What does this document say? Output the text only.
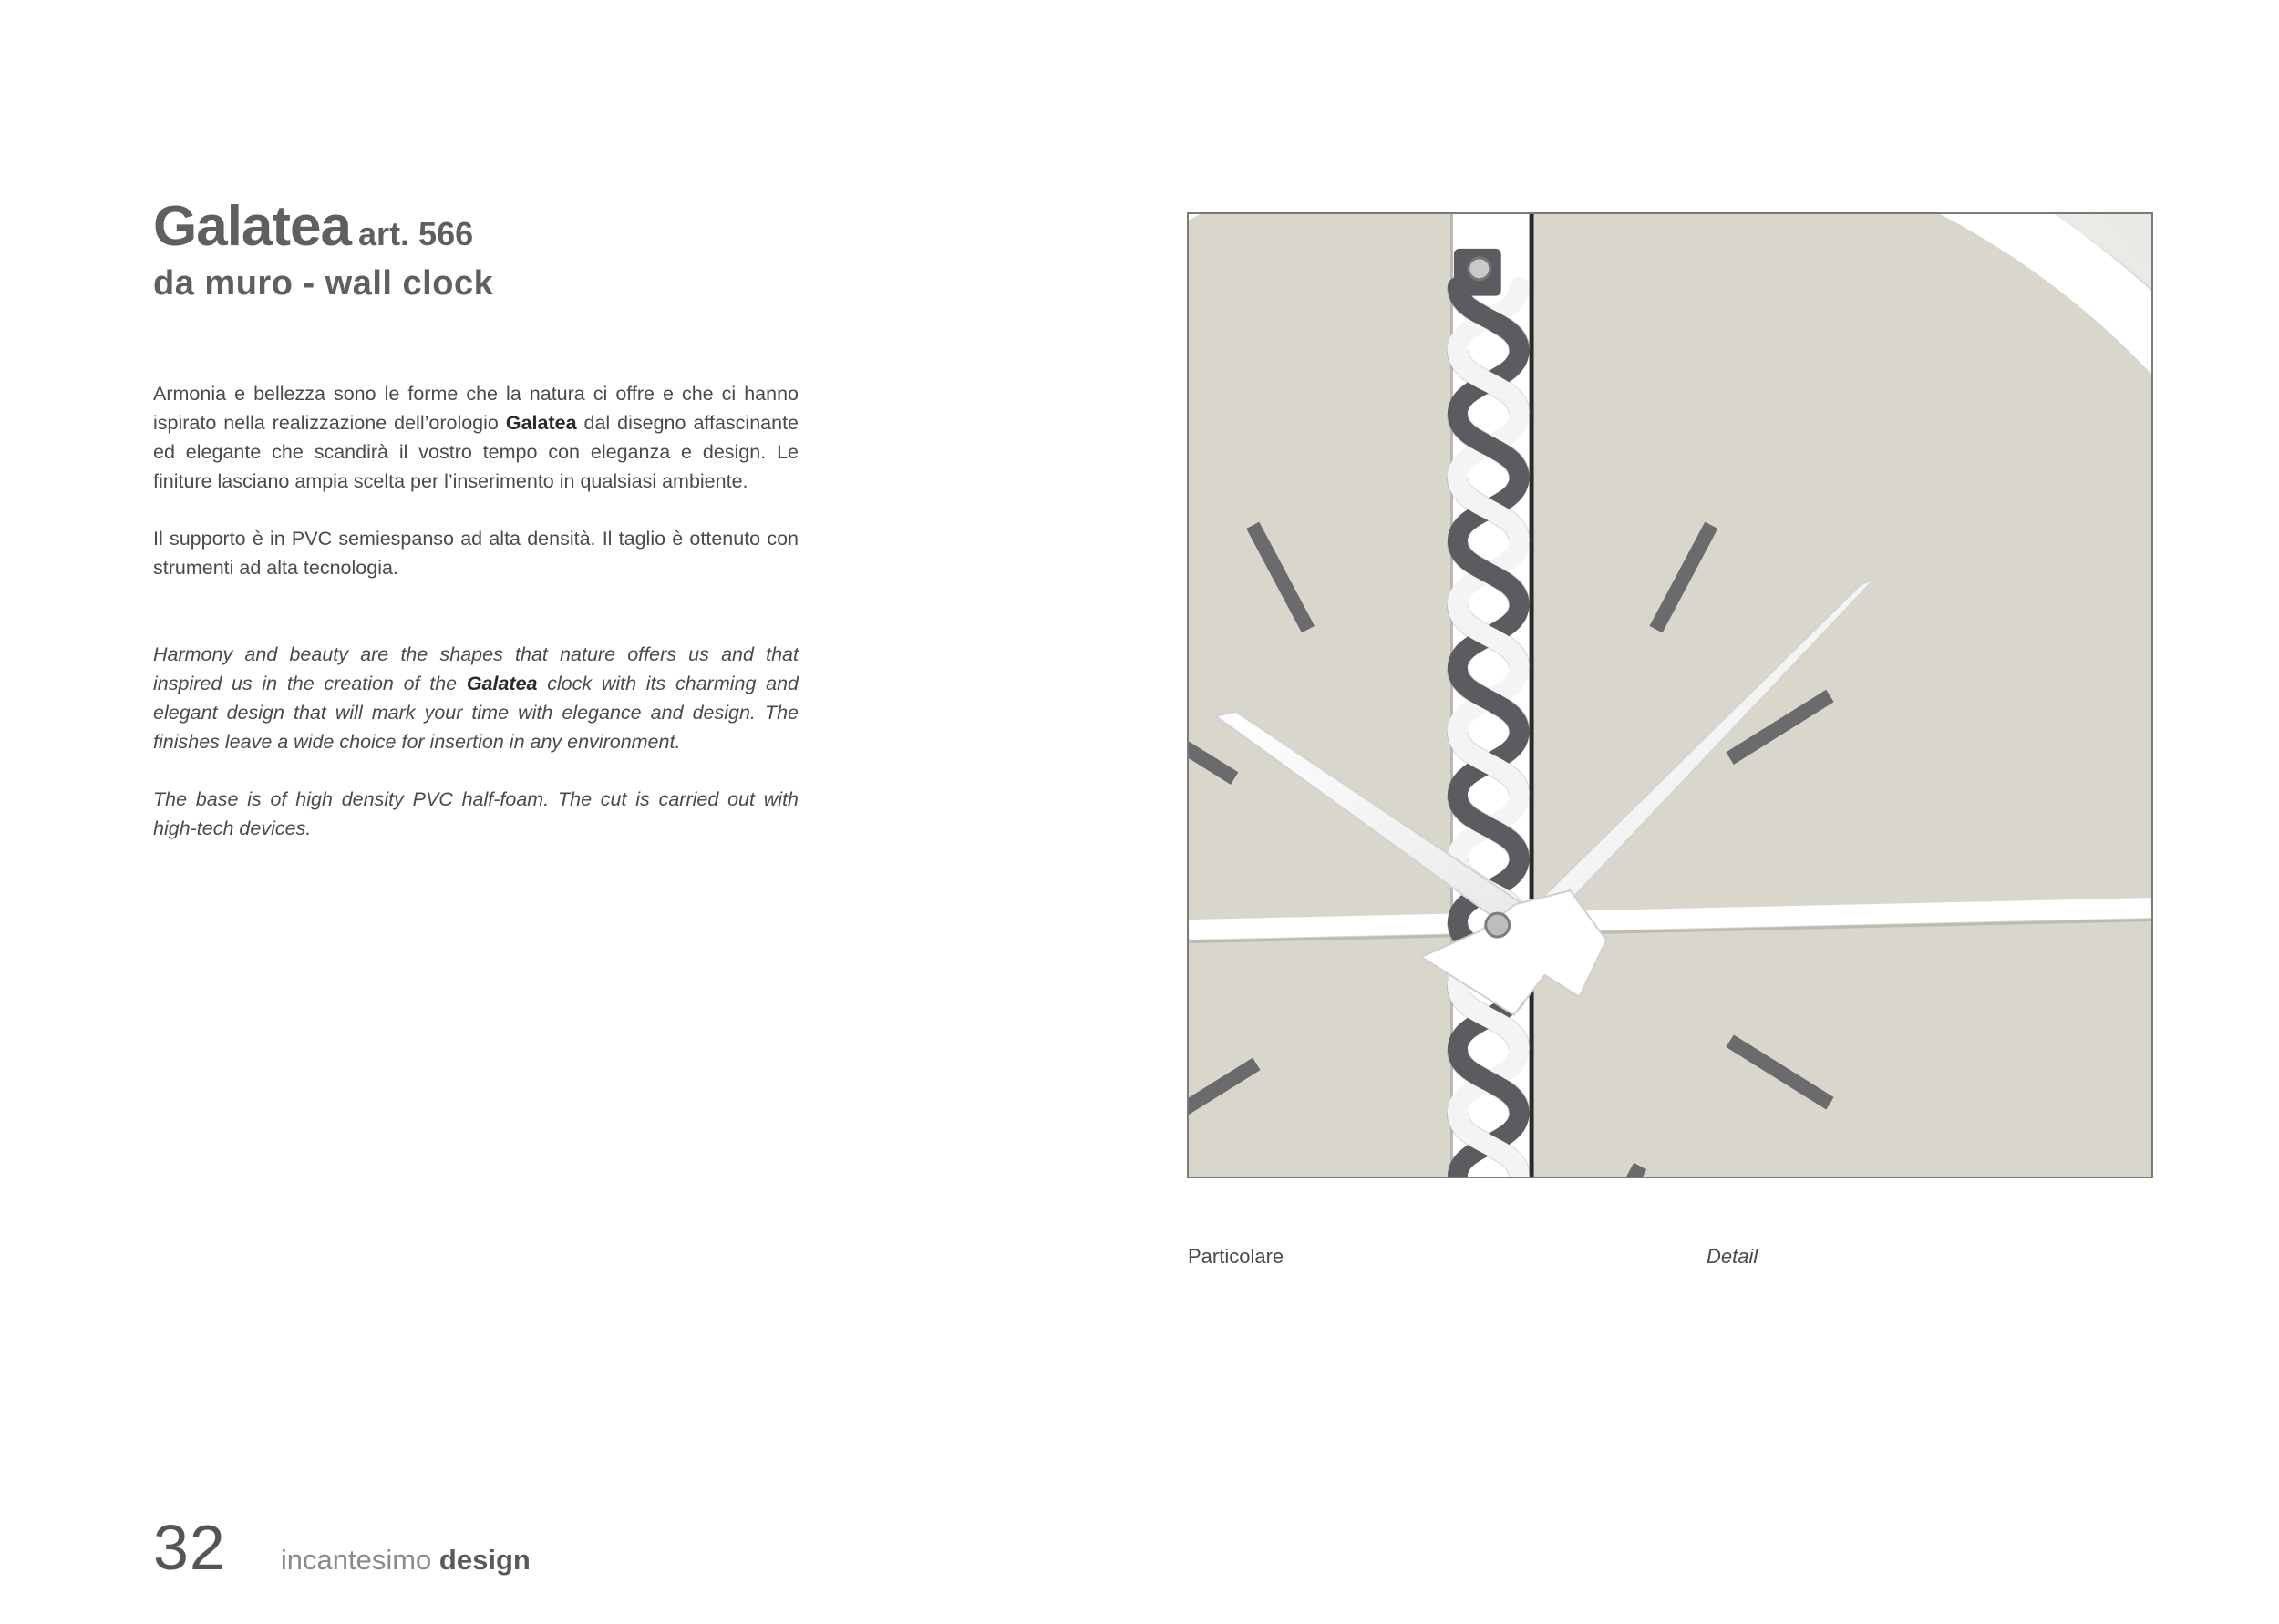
Galatea art. 566
da muro - wall clock

Armonia e bellezza sono le forme che la natura ci offre e che ci hanno ispirato nella realizzazione dell’orologio Galatea dal disegno affascinante ed elegante che scandirà il vostro tempo con eleganza e design. Le finiture lasciano ampia scelta per l’inserimento in qualsiasi ambiente.

Il supporto è in PVC semiespanso ad alta densità. Il taglio è ottenuto con strumenti ad alta tecnologia.

Harmony and beauty are the shapes that nature offers us and that inspired us in the creation of the Galatea clock with its charming and elegant design that will mark your time with elegance and design. The finishes leave a wide choice for insertion in any environment.

The base is of high density PVC half-foam. The cut is carried out with high-tech devices.

Particolare	Detail

32 incantesimo design
